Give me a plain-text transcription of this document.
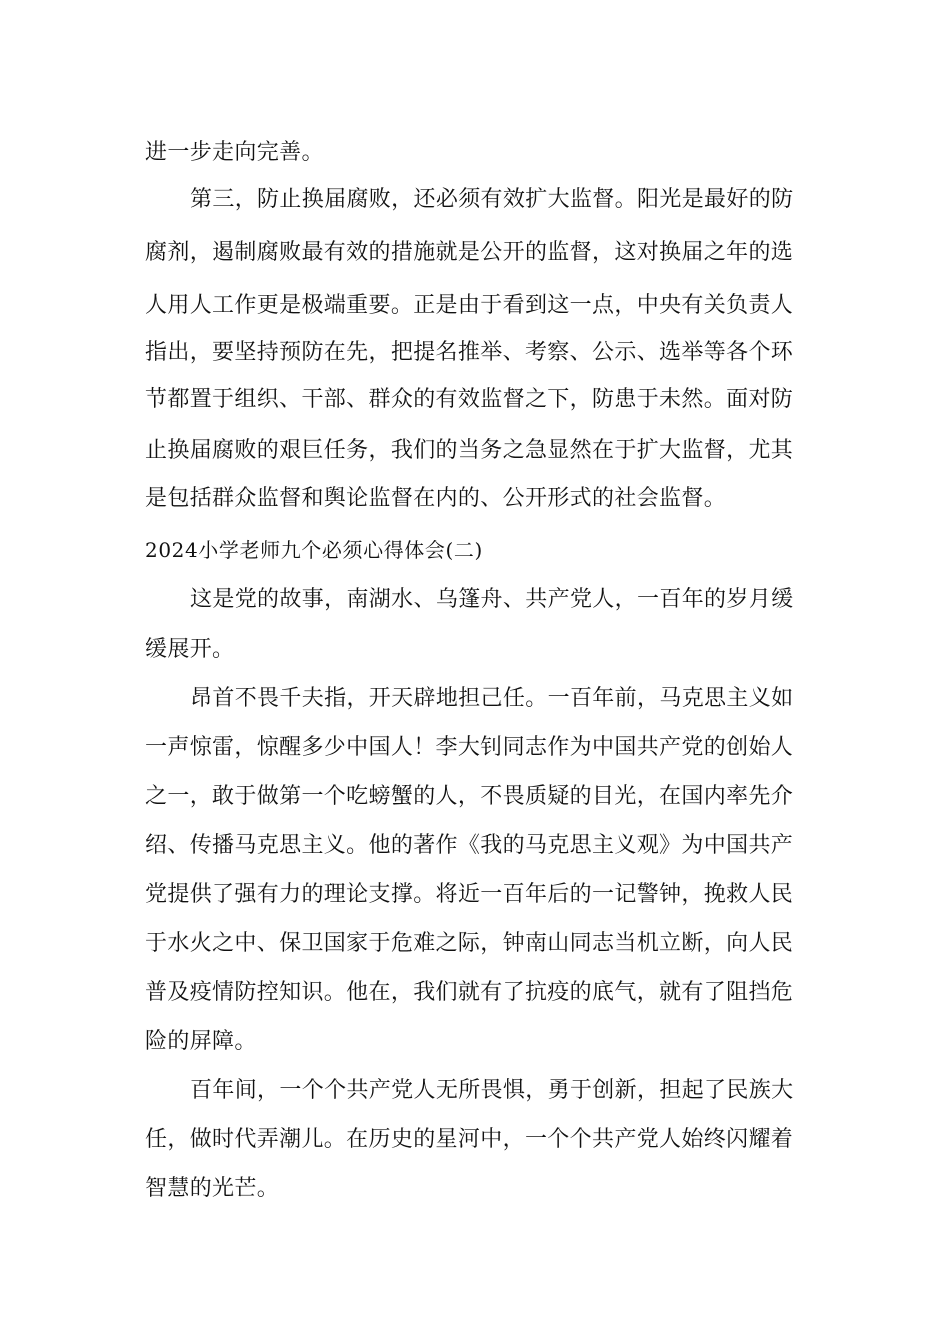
进一步走向完善。
第三，防止换届腐败，还必须有效扩大监督。阳光是最好的防
腐剂，遏制腐败最有效的措施就是公开的监督，这对换届之年的选
人用人工作更是极端重要。正是由于看到这一点，中央有关负责人
指出，要坚持预防在先，把提名推举、考察、公示、选举等各个环
节都置于组织、干部、群众的有效监督之下，防患于未然。面对防
止换届腐败的艰巨任务，我们的当务之急显然在于扩大监督，尤其
是包括群众监督和舆论监督在内的、公开形式的社会监督。
2024小学老师九个必须心得体会(二)
这是党的故事，南湖水、乌篷舟、共产党人，一百年的岁月缓
缓展开。
昂首不畏千夫指，开天辟地担己任。一百年前，马克思主义如
一声惊雷，惊醒多少中国人！李大钊同志作为中国共产党的创始人
之一，敢于做第一个吃螃蟹的人，不畏质疑的目光，在国内率先介
绍、传播马克思主义。他的著作《我的马克思主义观》为中国共产
党提供了强有力的理论支撑。将近一百年后的一记警钟，挽救人民
于水火之中、保卫国家于危难之际，钟南山同志当机立断，向人民
普及疫情防控知识。他在，我们就有了抗疫的底气，就有了阻挡危
险的屏障。
百年间，一个个共产党人无所畏惧，勇于创新，担起了民族大
任，做时代弄潮儿。在历史的星河中，一个个共产党人始终闪耀着
智慧的光芒。
